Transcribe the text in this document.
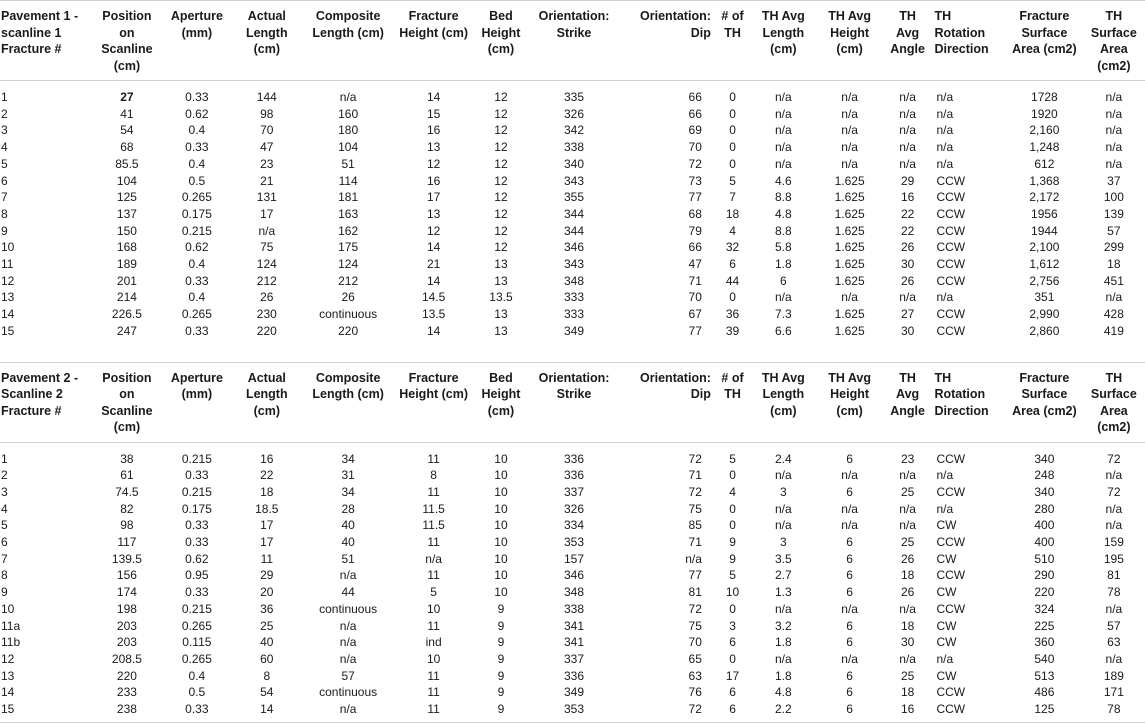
Pavement 1 - scanline 1 Fracture #	Position on Scanline (cm)	Aperture (mm)	Actual Length (cm)	Composite Length (cm)	Fracture Height (cm)	Bed Height (cm)	Orientation: Strike	Orientation: Dip	# of TH	TH Avg Length (cm)	TH Avg Height (cm)	TH Avg Angle	TH Rotation Direction	Fracture Surface Area (cm2)	TH Surface Area (cm2)

1	27	0.33	144	n/a	14	12	335	66	0	n/a	n/a	n/a	n/a	1728	n/a
2	41	0.62	98	160	15	12	326	66	0	n/a	n/a	n/a	n/a	1920	n/a
3	54	0.4	70	180	16	12	342	69	0	n/a	n/a	n/a	n/a	2,160	n/a
4	68	0.33	47	104	13	12	338	70	0	n/a	n/a	n/a	n/a	1,248	n/a
5	85.5	0.4	23	51	12	12	340	72	0	n/a	n/a	n/a	n/a	612	n/a
6	104	0.5	21	114	16	12	343	73	5	4.6	1.625	29	CCW	1,368	37
7	125	0.265	131	181	17	12	355	77	7	8.8	1.625	16	CCW	2,172	100
8	137	0.175	17	163	13	12	344	68	18	4.8	1.625	22	CCW	1956	139
9	150	0.215	n/a	162	12	12	344	79	4	8.8	1.625	22	CCW	1944	57
10	168	0.62	75	175	14	12	346	66	32	5.8	1.625	26	CCW	2,100	299
11	189	0.4	124	124	21	13	343	47	6	1.8	1.625	30	CCW	1,612	18
12	201	0.33	212	212	14	13	348	71	44	6	1.625	26	CCW	2,756	451
13	214	0.4	26	26	14.5	13.5	333	70	0	n/a	n/a	n/a	n/a	351	n/a
14	226.5	0.265	230	continuous	13.5	13	333	67	36	7.3	1.625	27	CCW	2,990	428
15	247	0.33	220	220	14	13	349	77	39	6.6	1.625	30	CCW	2,860	419

Pavement 2 - Scanline 2 Fracture #	Position on Scanline (cm)	Aperture (mm)	Actual Length (cm)	Composite Length (cm)	Fracture Height (cm)	Bed Height (cm)	Orientation: Strike	Orientation: Dip	# of TH	TH Avg Length (cm)	TH Avg Height (cm)	TH Avg Angle	TH Rotation Direction	Fracture Surface Area (cm2)	TH Surface Area (cm2)

1	38	0.215	16	34	11	10	336	72	5	2.4	6	23	CCW	340	72
2	61	0.33	22	31	8	10	336	71	0	n/a	n/a	n/a	n/a	248	n/a
3	74.5	0.215	18	34	11	10	337	72	4	3	6	25	CCW	340	72
4	82	0.175	18.5	28	11.5	10	326	75	0	n/a	n/a	n/a	n/a	280	n/a
5	98	0.33	17	40	11.5	10	334	85	0	n/a	n/a	n/a	CW	400	n/a
6	117	0.33	17	40	11	10	353	71	9	3	6	25	CCW	400	159
7	139.5	0.62	11	51	n/a	10	157	n/a	9	3.5	6	26	CW	510	195
8	156	0.95	29	n/a	11	10	346	77	5	2.7	6	18	CCW	290	81
9	174	0.33	20	44	5	10	348	81	10	1.3	6	26	CW	220	78
10	198	0.215	36	continuous	10	9	338	72	0	n/a	n/a	n/a	CCW	324	n/a
11a	203	0.265	25	n/a	11	9	341	75	3	3.2	6	18	CW	225	57
11b	203	0.115	40	n/a	ind	9	341	70	6	1.8	6	30	CW	360	63
12	208.5	0.265	60	n/a	10	9	337	65	0	n/a	n/a	n/a	n/a	540	n/a
13	220	0.4	8	57	11	9	336	63	17	1.8	6	25	CW	513	189
14	233	0.5	54	continuous	11	9	349	76	6	4.8	6	18	CCW	486	171
15	238	0.33	14	n/a	11	9	353	72	6	2.2	6	16	CCW	125	78
